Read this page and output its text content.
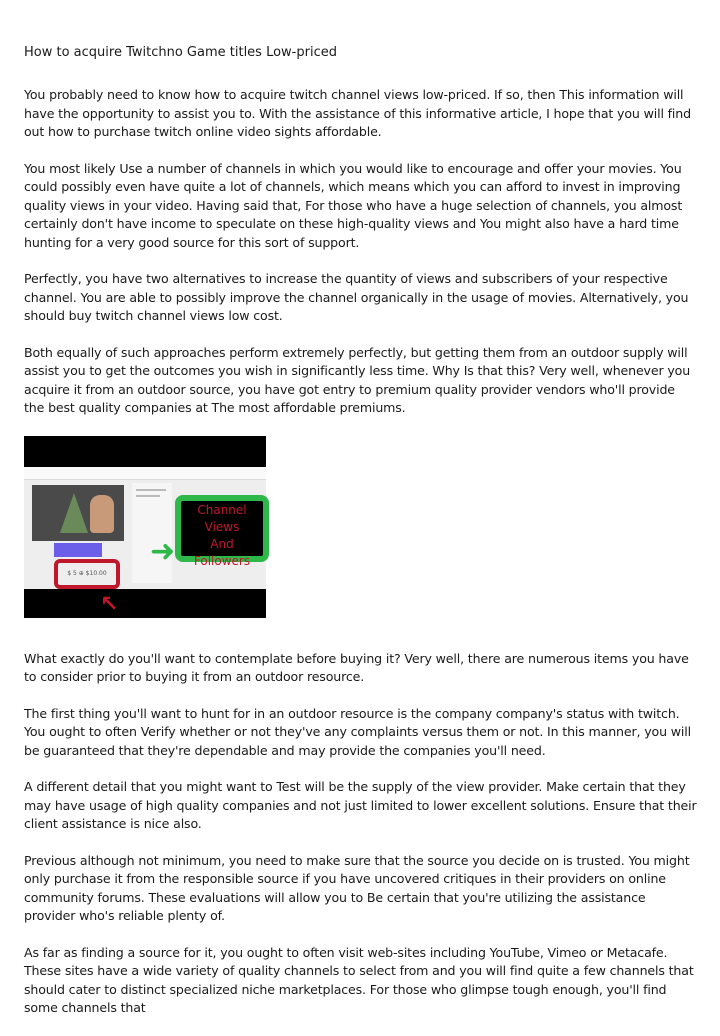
How to acquire Twitchno Game titles Low-priced

You probably need to know how to acquire twitch channel views low-priced. If so, then This information will have the opportunity to assist you to. With the assistance of this informative article, I hope that you will find out how to purchase twitch online video sights affordable.

You most likely Use a number of channels in which you would like to encourage and offer your movies. You could possibly even have quite a lot of channels, which means which you can afford to invest in improving quality views in your video. Having said that, For those who have a huge selection of channels, you almost certainly don't have income to speculate on these high-quality views and You might also have a hard time hunting for a very good source for this sort of support.

Perfectly, you have two alternatives to increase the quantity of views and subscribers of your respective channel. You are able to possibly improve the channel organically in the usage of movies. Alternatively, you should buy twitch channel views low cost.

Both equally of such approaches perform extremely perfectly, but getting them from an outdoor supply will assist you to get the outcomes you wish in significantly less time. Why Is that this? Very well, whenever you acquire it from an outdoor source, you have got entry to premium quality provider vendors who'll provide the best quality companies at The most affordable premiums.

$ 5 ⊕ $10.00
↖
➜
Channel Views
And
Followers

What exactly do you'll want to contemplate before buying it? Very well, there are numerous items you have to consider prior to buying it from an outdoor resource.

The first thing you'll want to hunt for in an outdoor resource is the company company's status with twitch. You ought to often Verify whether or not they've any complaints versus them or not. In this manner, you will be guaranteed that they're dependable and may provide the companies you'll need.

A different detail that you might want to Test will be the supply of the view provider. Make certain that they may have usage of high quality companies and not just limited to lower excellent solutions. Ensure that their client assistance is nice also.

Previous although not minimum, you need to make sure that the source you decide on is trusted. You might only purchase it from the responsible source if you have uncovered critiques in their providers on online community forums. These evaluations will allow you to Be certain that you're utilizing the assistance provider who's reliable plenty of.

As far as finding a source for it, you ought to often visit web-sites including YouTube, Vimeo or Metacafe. These sites have a wide variety of quality channels to select from and you will find quite a few channels that should cater to distinct specialized niche marketplaces. For those who glimpse tough enough, you'll find some channels that
